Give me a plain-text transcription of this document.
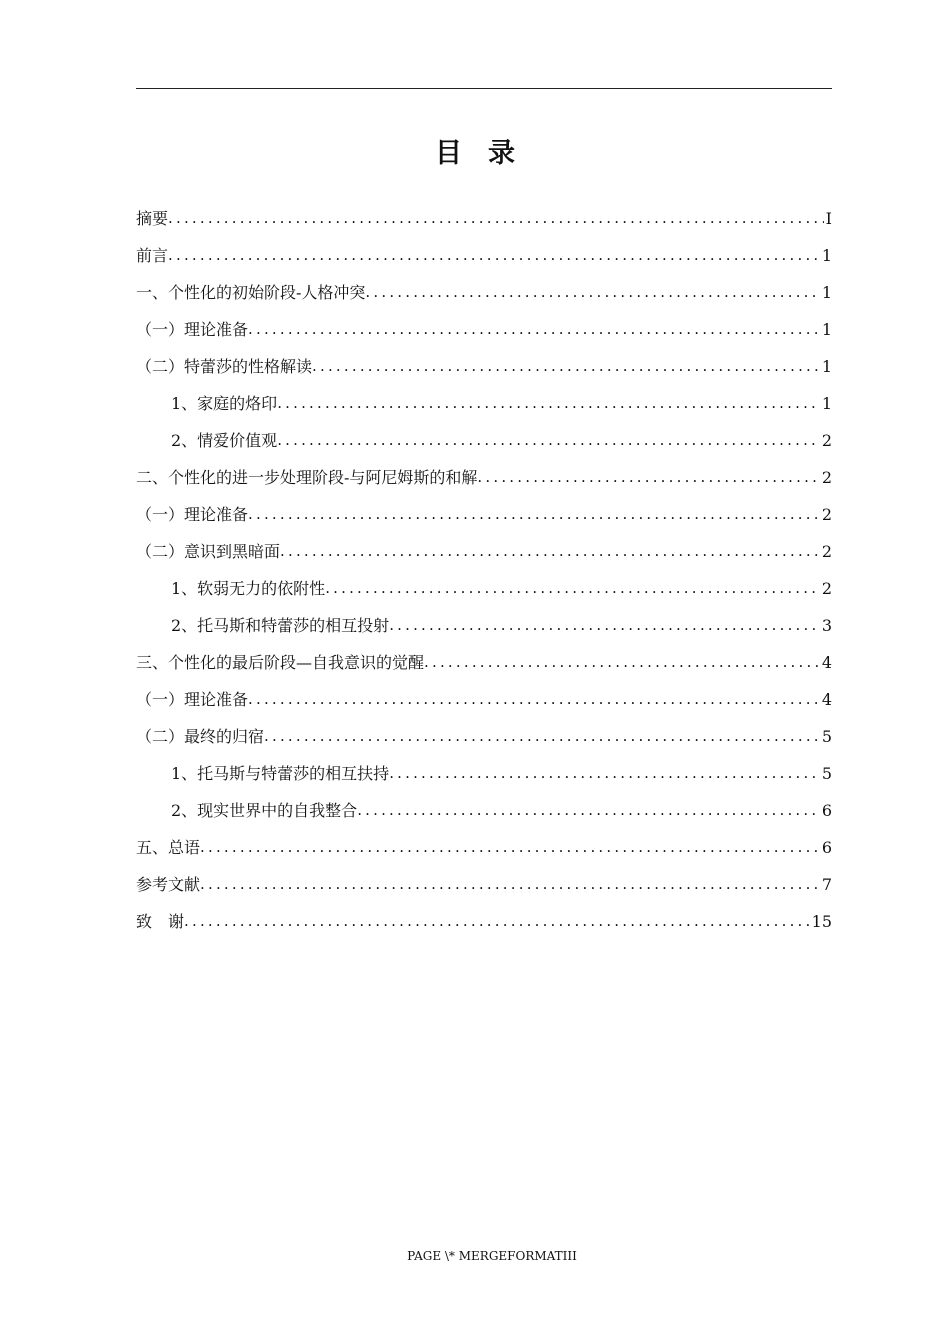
目录
摘要 .....	I
前言 .....	1
一、个性化的初始阶段-人格冲突 .....	1
（一）理论准备 .....	1
（二）特蕾莎的性格解读 .....	1
1、家庭的烙印 .....	1
2、情爱价值观 .....	2
二、个性化的进一步处理阶段-与阿尼姆斯的和解 .....	2
（一）理论准备 .....	2
（二）意识到黑暗面 .....	2
1、软弱无力的依附性 .....	2
2、托马斯和特蕾莎的相互投射 .....	3
三、个性化的最后阶段—自我意识的觉醒 .....	4
（一）理论准备 .....	4
（二）最终的归宿 .....	5
1、托马斯与特蕾莎的相互扶持 .....	5
2、现实世界中的自我整合 .....	6
五、总语 .....	6
参考文献 .....	7
致　谢 .....	15
PAGE \* MERGEFORMATIII
